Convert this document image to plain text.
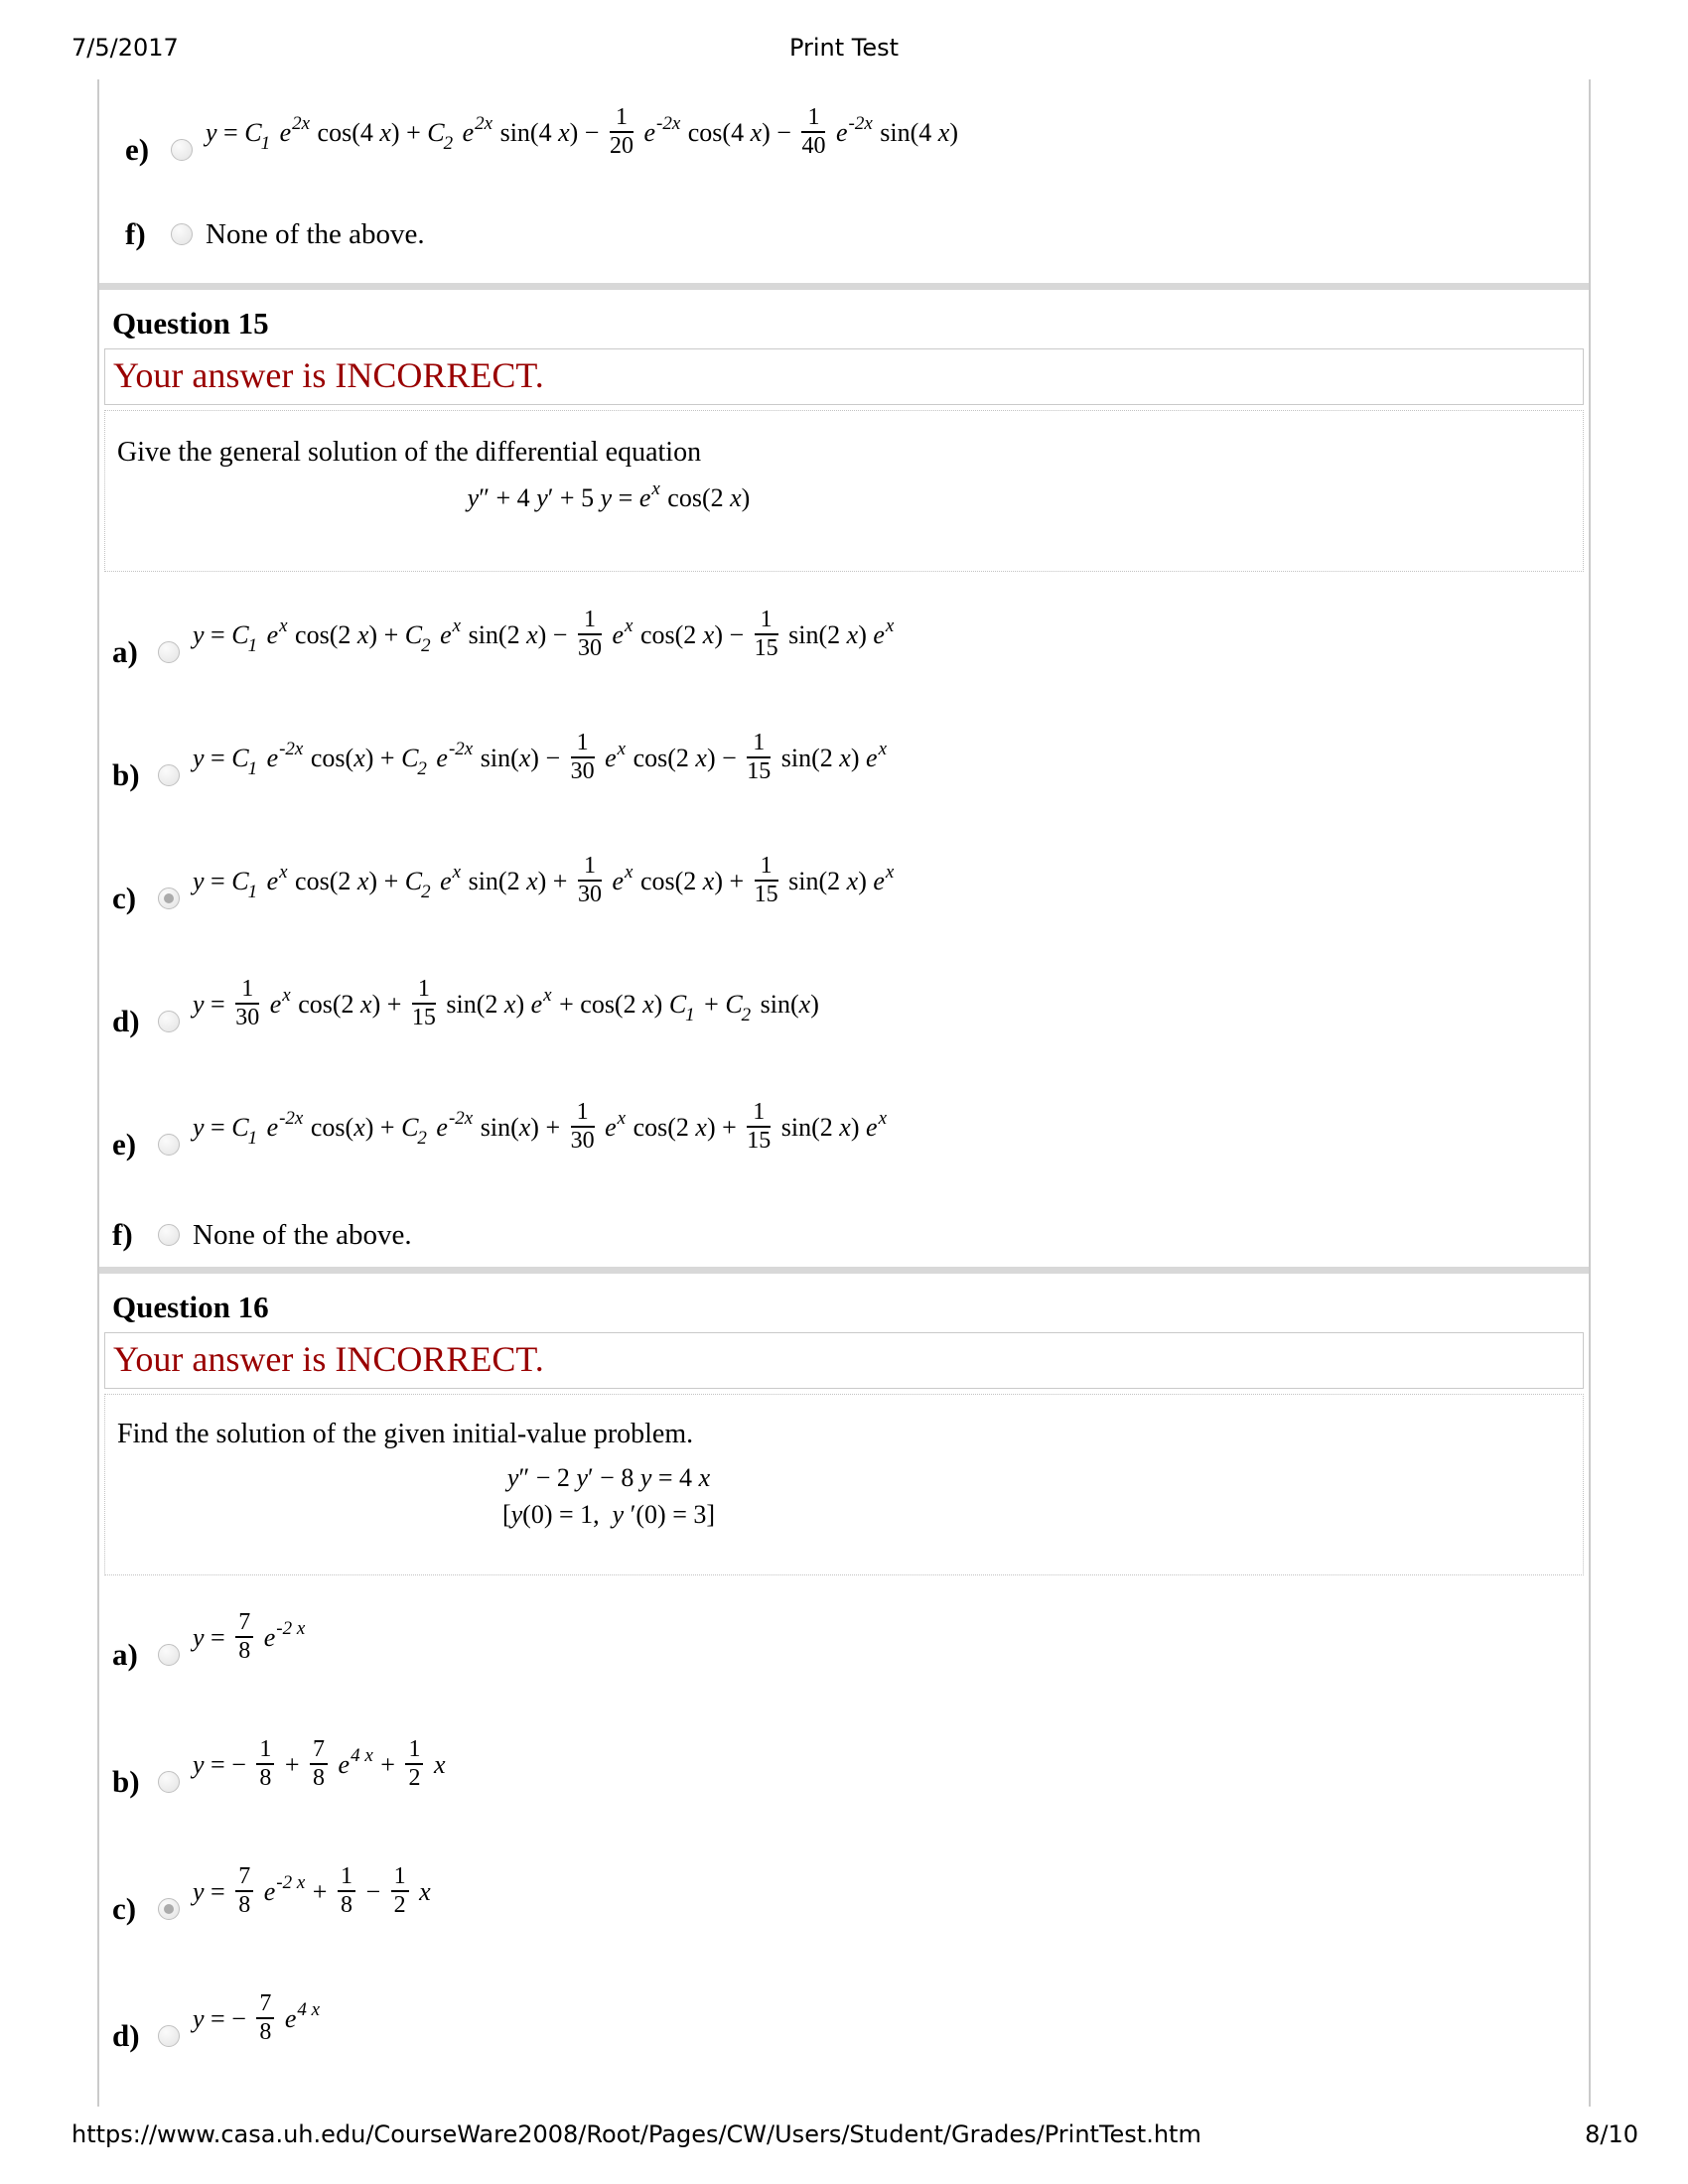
7/5/2017	Print Test
e)	$y = C_1$ $e^{2x}$ cos(4 $x) + C_2$ $e^{2x}$ sin(4 $x) - \frac{1}{20} e^{-2x}$ cos(4 $x) - \frac{1}{40} e^{-2x}$ sin(4 x)
f)	None of the above.
Question 15
Your answer is INCORRECT.

Give the general solution of the differential equation

y″ + 4 y′ + 5 $y = e^x$ cos(2 x)
a)	$y = C_1$ $e^x$ cos(2 $x) + C_2$ $e^x$ sin(2 $x) - \frac{1}{30} e^x$ cos(2 $x) - \frac{1}{15} \sin(2$ x) $e^x$
b)	$y = C_1$ $e^{-2x}$ $\cos(x) + C_2$ $e^{-2x}$ $\sin(x) - \frac{1}{30} e^x$ cos(2 $x) - \frac{1}{15} \sin(2$ x) $e^x$
c)	$y = C_1$ $e^x$ cos(2 $x) + C_2$ $e^x$ sin(2 $x) + \frac{1}{30} e^x$ cos(2 $x) + \frac{1}{15} \sin(2$ x) $e^x$
d)	$y = \frac{1}{30} e^x$ cos(2 $x) + \frac{1}{15} \sin(2$ x) $e^x + \cos(2$ x) $C_1 + C_2$ sin(x)
e)	$y = C_1$ $e^{-2x}$ $\cos(x) + C_2$ $e^{-2x}$ $\sin(x) + \frac{1}{30} e^x$ cos(2 $x) + \frac{1}{15} \sin(2$ x) $e^x$
f)	None of the above.
Question 16
Your answer is INCORRECT.

Find the solution of the given initial-value problem.

y″ − 2 y′ − 8 y = 4 x
[y(0) = 1,  y ′(0) = 3]
a)	$y = \frac{7}{8} e^{-2 x}$
b)	y = − $\frac{1}{8} + \frac{7}{8} e^{4 x} + \frac{1}{2}$ x
c)	$y = \frac{7}{8} e^{-2 x} + \frac{1}{8} - \frac{1}{2}$ x
d)	y = − $\frac{7}{8} e^{4 x}$
https://www.casa.uh.edu/CourseWare2008/Root/Pages/CW/Users/Student/Grades/PrintTest.htm	8/10
